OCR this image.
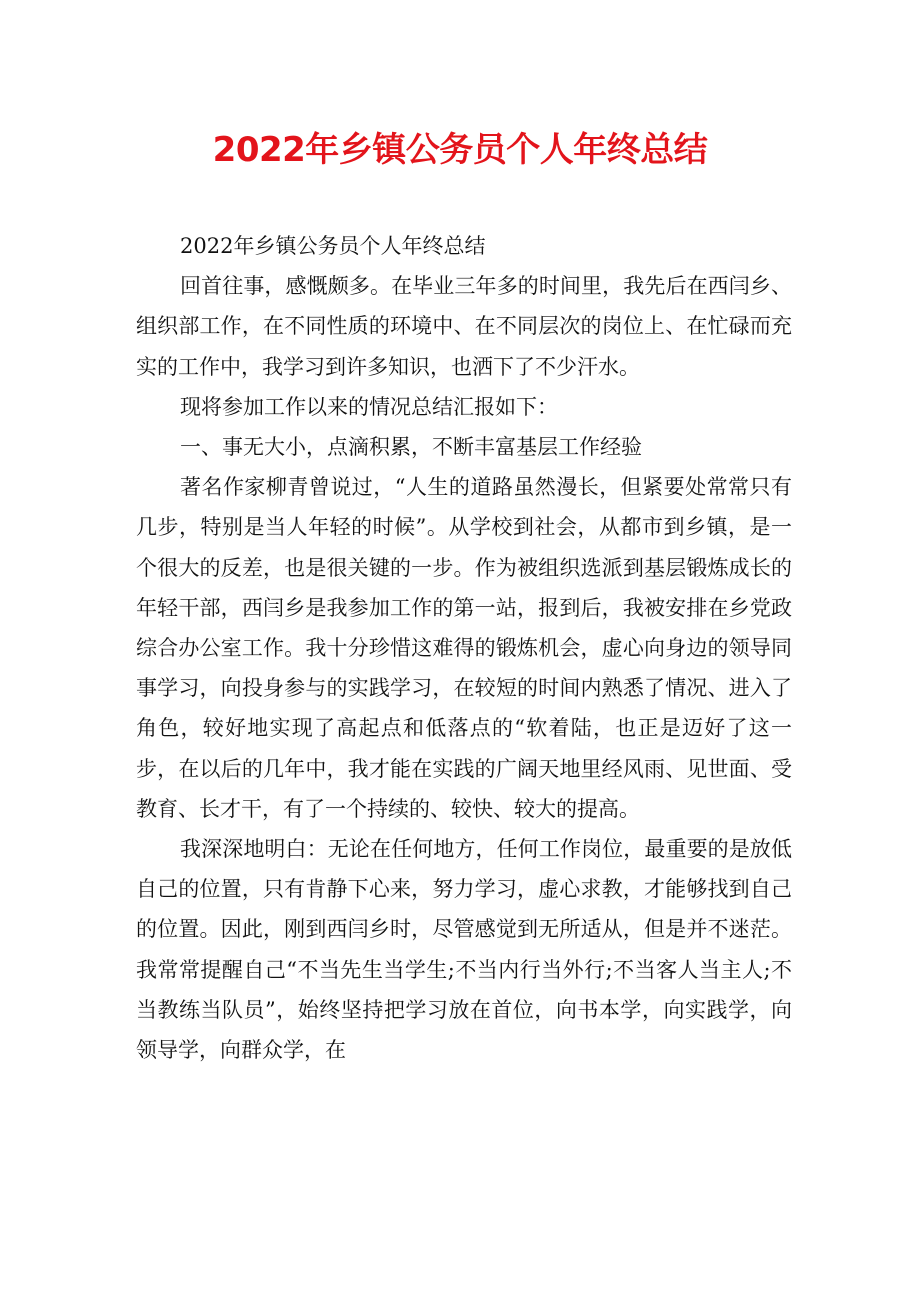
2022年乡镇公务员个人年终总结

2022年乡镇公务员个人年终总结

回首往事，感慨颇多。在毕业三年多的时间里，我先后在西闫乡、组织部工作，在不同性质的环境中、在不同层次的岗位上、在忙碌而充实的工作中，我学习到许多知识，也洒下了不少汗水。

现将参加工作以来的情况总结汇报如下：

一、事无大小，点滴积累，不断丰富基层工作经验

著名作家柳青曾说过，“人生的道路虽然漫长，但紧要处常常只有几步，特别是当人年轻的时候”。从学校到社会，从都市到乡镇，是一个很大的反差，也是很关键的一步。作为被组织选派到基层锻炼成长的年轻干部，西闫乡是我参加工作的第一站，报到后，我被安排在乡党政综合办公室工作。我十分珍惜这难得的锻炼机会，虚心向身边的领导同事学习，向投身参与的实践学习，在较短的时间内熟悉了情况、进入了角色，较好地实现了高起点和低落点的“软着陆，也正是迈好了这一步，在以后的几年中，我才能在实践的广阔天地里经风雨、见世面、受教育、长才干，有了一个持续的、较快、较大的提高。

我深深地明白：无论在任何地方，任何工作岗位，最重要的是放低自己的位置，只有肯静下心来，努力学习，虚心求教，才能够找到自己的位置。因此，刚到西闫乡时，尽管感觉到无所适从，但是并不迷茫。我常常提醒自己“不当先生当学生;不当内行当外行;不当客人当主人;不当教练当队员”，始终坚持把学习放在首位，向书本学，向实践学，向领导学，向群众学，在
